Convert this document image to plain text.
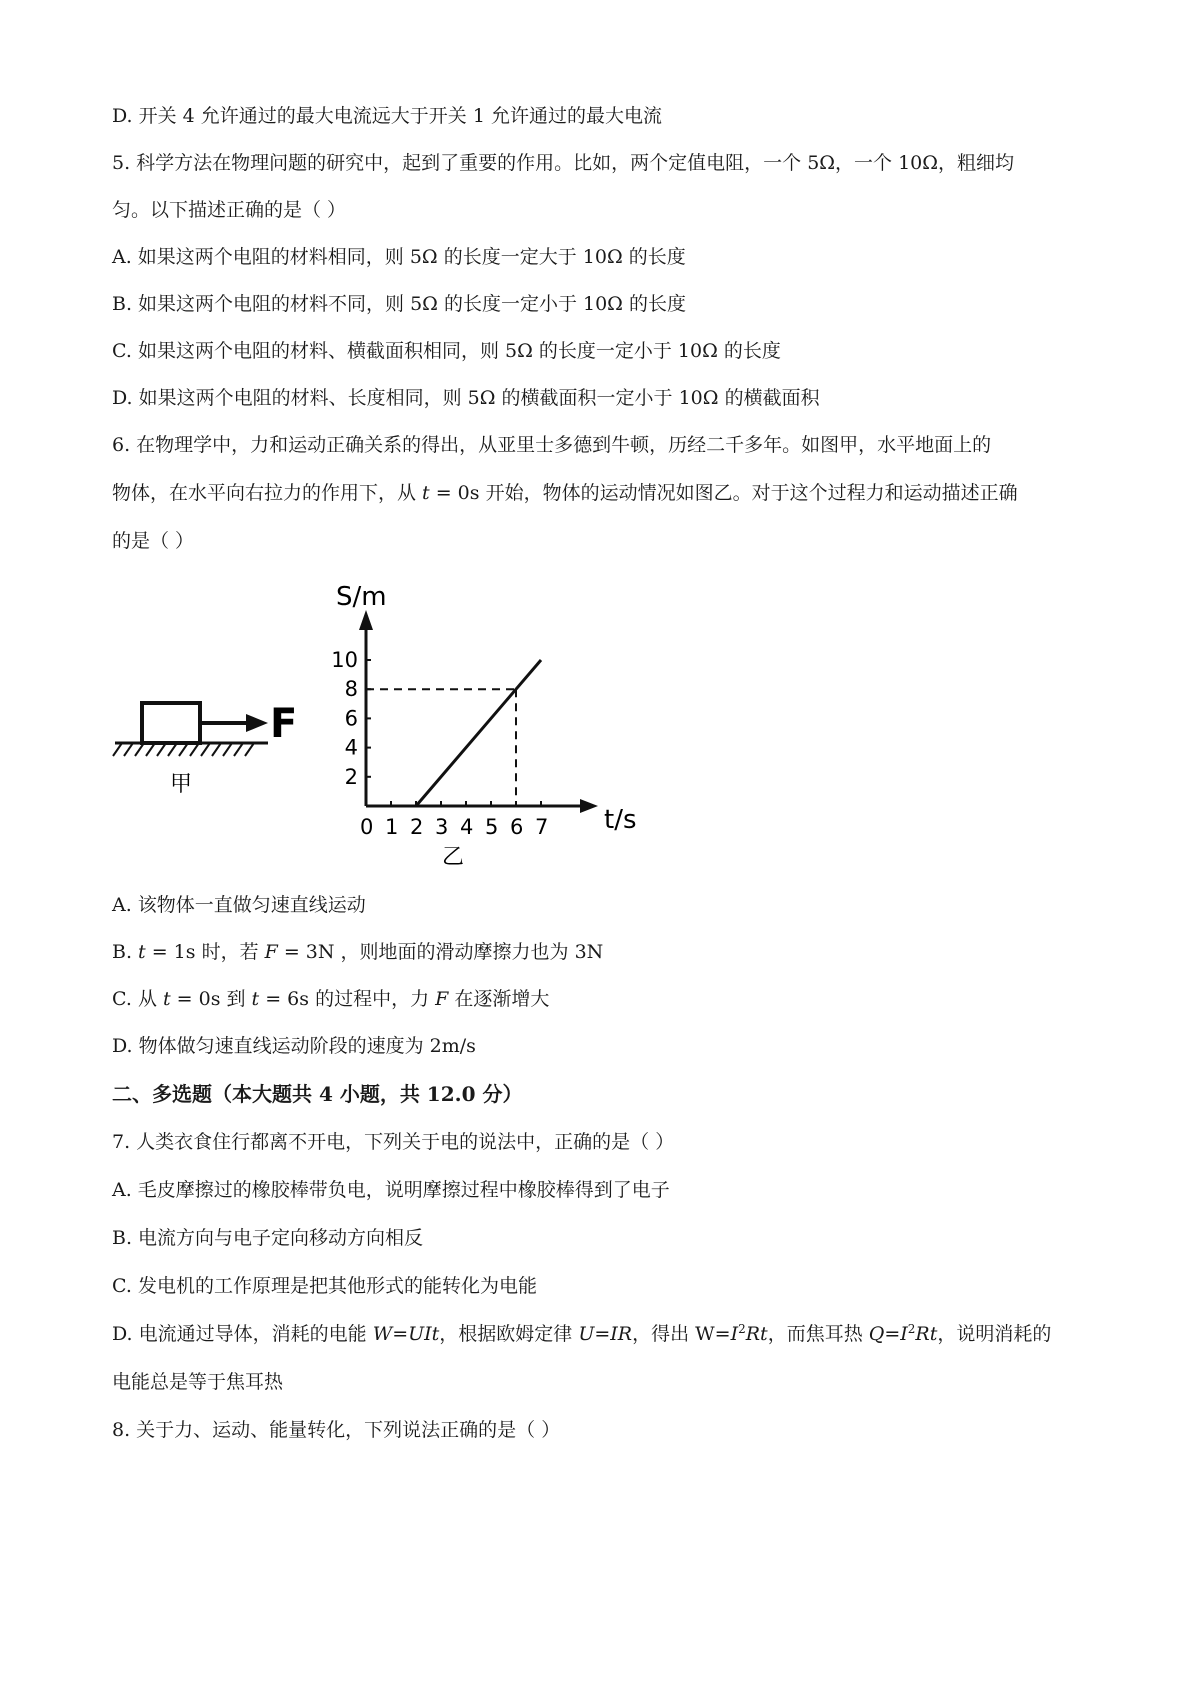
D. 开关 4 允许通过的最大电流远大于开关 1 允许通过的最大电流
5. 科学方法在物理问题的研究中，起到了重要的作用。比如，两个定值电阻，一个 5Ω，一个 10Ω，粗细均
匀。以下描述正确的是（ ）
A. 如果这两个电阻的材料相同，则 5Ω 的长度一定大于 10Ω 的长度
B. 如果这两个电阻的材料不同，则 5Ω 的长度一定小于 10Ω 的长度
C. 如果这两个电阻的材料、横截面积相同，则 5Ω 的长度一定小于 10Ω 的长度
D. 如果这两个电阻的材料、长度相同，则 5Ω 的横截面积一定小于 10Ω 的横截面积
6. 在物理学中，力和运动正确关系的得出，从亚里士多德到牛顿，历经二千多年。如图甲，水平地面上的
物体，在水平向右拉力的作用下，从 t = 0s 开始，物体的运动情况如图乙。对于这个过程力和运动描述正确
的是（ ）
F
甲
S/m
t/s
乙
0 1 2 3 4 5 6 7
2
4
6
8
10
A. 该物体一直做匀速直线运动
B. t = 1s 时，若 F = 3N ，则地面的滑动摩擦力也为 3N
C. 从 t = 0s 到 t = 6s 的过程中，力 F 在逐渐增大
D. 物体做匀速直线运动阶段的速度为 2m/s
二、多选题（本大题共 4 小题，共 12.0 分）
7. 人类衣食住行都离不开电，下列关于电的说法中，正确的是（ ）
A. 毛皮摩擦过的橡胶棒带负电，说明摩擦过程中橡胶棒得到了电子
B. 电流方向与电子定向移动方向相反
C. 发电机的工作原理是把其他形式的能转化为电能
D. 电流通过导体，消耗的电能 W=UIt，根据欧姆定律 U=IR，得出 $W=I^2Rt$，而焦耳热 $Q=I^2Rt$，说明消耗的
电能总是等于焦耳热
8. 关于力、运动、能量转化，下列说法正确的是（ ）
